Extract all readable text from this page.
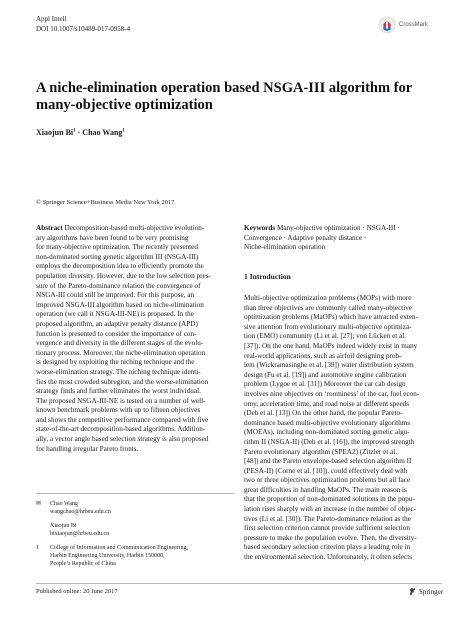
Appl Intell
DOI 10.1007/s10489-017-0958-4	CrossMark
A niche-elimination operation based NSGA-III algorithm for many-objective optimization
Xiaojun $Bi^1$ · Chao Wang$^1$
© Springer Science+Business Media New York 2017
Abstract Decomposition-based multi-objective evolution-
ary algorithms have been found to be very promising
for many-objective optimization. The recently presented
non-dominated sorting genetic algorithm III (NSGA-III)
employs the decomposition idea to efficiently promote the
population diversity. However, due to the low selection pres-
sure of the Pareto-dominance relation the convergence of
NSGA-III could still be improved. For this purpose, an
improved NSGA-III algorithm based on niche-elimination
operation (we call it NSGA-III-NE) is proposed. In the
proposed algorithm, an adaptive penalty distance (APD)
function is presented to consider the importance of con-
vergence and diversity in the different stages of the evolu-
tionary process. Moreover, the niche-elimination operation
is designed by exploiting the niching technique and the
worse-elimination strategy. The niching technique identi-
fies the most crowded subregion, and the worse-elimination
strategy finds and further eliminates the worst individual.
The proposed NSGA-III-NE is tested on a number of well-
known benchmark problems with up to fifteen objectives
and shows the competitive performance compared with five
state-of-the-art decomposition-based algorithms. Addition-
ally, a vector angle based selection strategy is also proposed
for handling irregular Pareto fronts.
Keywords Many-objective optimization · NSGA-III ·
Convergence · Adaptive penalty distance ·
Niche-elimination operation
1 Introduction
Multi-objective optimization problems (MOPs) with more
than three objectives are commonly called many-objective
optimization problems (MaOPs) which have attracted exten-
sive attention from evolutionary multi-objective optimiza-
tion (EMO) community (Li et al. [27]; von Lücken et al.
[37]). On the one hand, MaOPs indeed widely exist in many
real-world applications, such as airfoil designing prob-
lem (Wickramasinghe et al. [39]) water distribution system
design (Fu et al. [19]) and automotive engine calibration
problem (Lygoe et al. [31]) Moreover the car cab design
involves nine objectives on ‘roominess’ of the car, fuel econ-
omy, acceleration time, and road noise at different speeds
(Deb et al. [13]) On the other hand, the popular Pareto-
dominance based multi-objective evolutionary algorithms
(MOEAs), including non-dominated sorting genetic algo-
rithm II (NSGA-II) (Deb et al. [16]), the improved strength
Pareto evolutionary algorithm (SPEA2) (Zitzler et al.
[48]) and the Pareto envelope-based selection algorithm II
(PESA-II) (Corne et al. [10]), could effectively deal with
two or three objectives optimization problems but all face
great difficulties in handling MaOPs. The main reason is
that the proportion of non-dominated solutions in the popu-
lation rises sharply with an increase in the number of objec-
tives (Li et al. [30]). The Pareto-dominance relation as the
first selection criterion cannot provide sufficient selection
pressure to make the population evolve. Then, the diversity-
based secondary selection criterion plays a leading role in
the environmental selection. Unfortunately, it often selects
✉	Chao Wang
wangchao@hrbeu.edu.cn
Xiaojun Bi
bixiaojun@hrbeu.edu.cn
1	College of Information and Communication Engineering,
Harbin Engineering University, Harbin 150000,
People’s Republic of China
Published online: 20 June 2017	Springer
